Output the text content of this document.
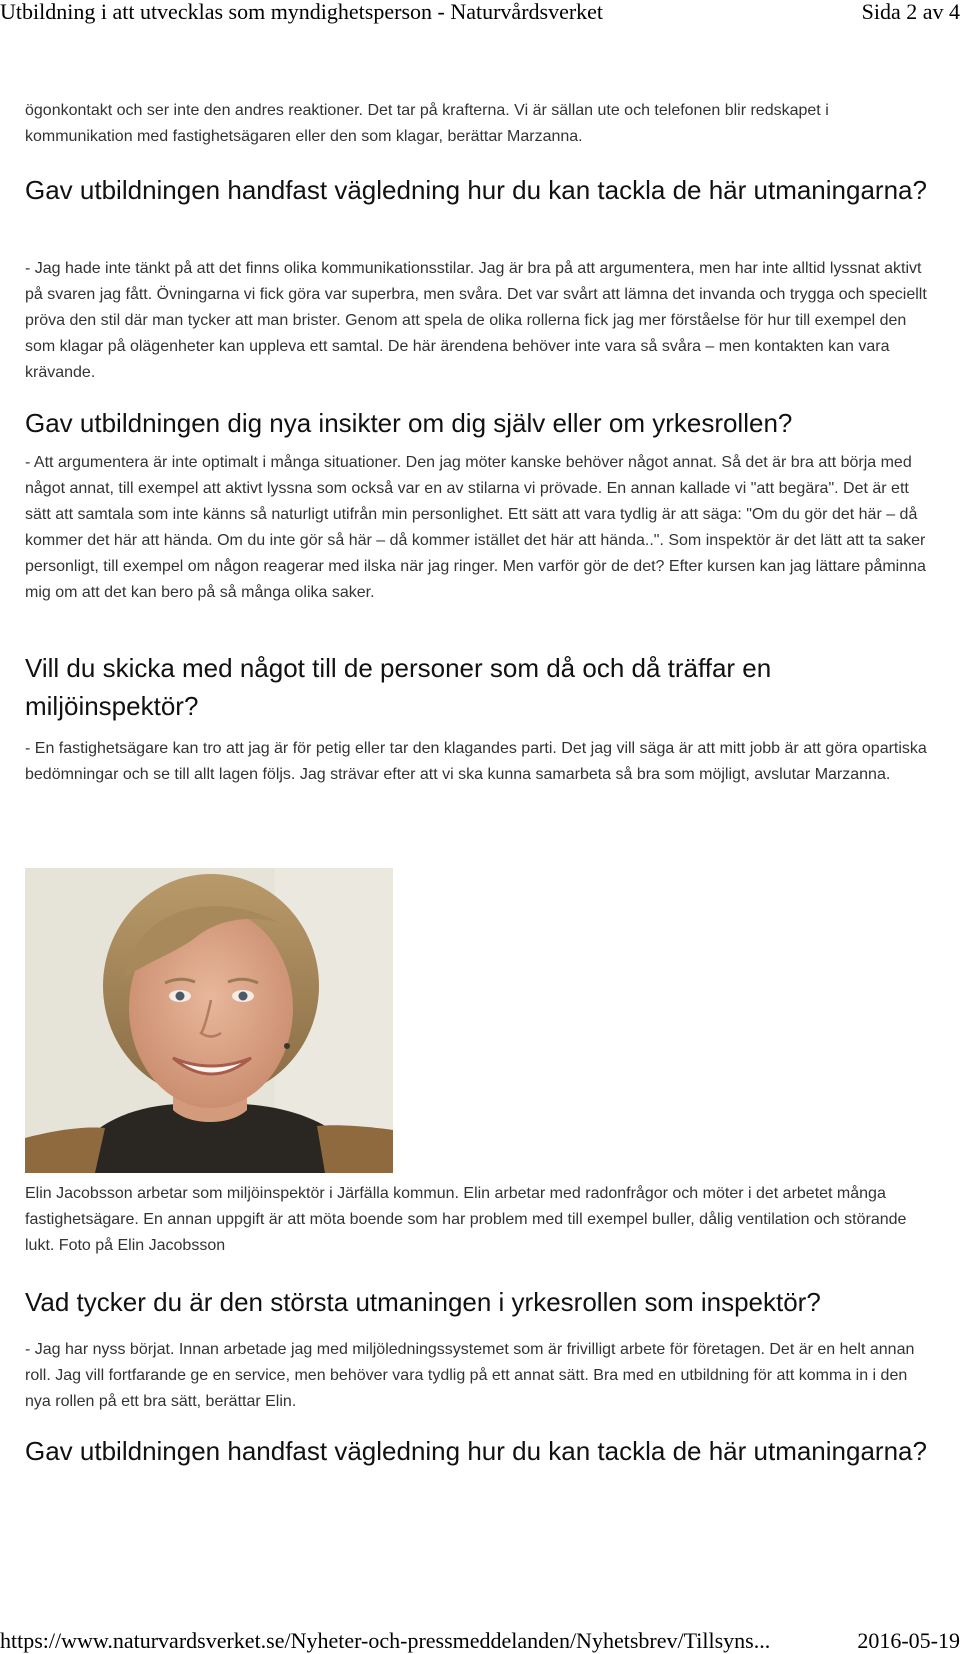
Utbildning i att utvecklas som myndighetsperson - Naturvårdsverket	Sida 2 av 4

ögonkontakt och ser inte den andres reaktioner. Det tar på krafterna. Vi är sällan ute och telefonen blir redskapet i kommunikation med fastighetsägaren eller den som klagar, berättar Marzanna.

Gav utbildningen handfast vägledning hur du kan tackla de här utmaningarna?

- Jag hade inte tänkt på att det finns olika kommunikationsstilar. Jag är bra på att argumentera, men har inte alltid lyssnat aktivt på svaren jag fått. Övningarna vi fick göra var superbra, men svåra. Det var svårt att lämna det invanda och trygga och speciellt pröva den stil där man tycker att man brister. Genom att spela de olika rollerna fick jag mer förståelse för hur till exempel den som klagar på olägenheter kan uppleva ett samtal. De här ärendena behöver inte vara så svåra – men kontakten kan vara krävande.

Gav utbildningen dig nya insikter om dig själv eller om yrkesrollen?

- Att argumentera är inte optimalt i många situationer. Den jag möter kanske behöver något annat. Så det är bra att börja med något annat, till exempel att aktivt lyssna som också var en av stilarna vi prövade. En annan kallade vi "att begära". Det är ett sätt att samtala som inte känns så naturligt utifrån min personlighet. Ett sätt att vara tydlig är att säga: "Om du gör det här – då kommer det här att hända. Om du inte gör så här – då kommer istället det här att hända..". Som inspektör är det lätt att ta saker personligt, till exempel om någon reagerar med ilska när jag ringer. Men varför gör de det? Efter kursen kan jag lättare påminna mig om att det kan bero på så många olika saker.

Vill du skicka med något till de personer som då och då träffar en miljöinspektör?

- En fastighetsägare kan tro att jag är för petig eller tar den klagandes parti. Det jag vill säga är att mitt jobb är att göra opartiska bedömningar och se till allt lagen följs. Jag strävar efter att vi ska kunna samarbeta så bra som möjligt, avslutar Marzanna.

Elin Jacobsson arbetar som miljöinspektör i Järfälla kommun. Elin arbetar med radonfrågor och möter i det arbetet många fastighetsägare. En annan uppgift är att möta boende som har problem med till exempel buller, dålig ventilation och störande lukt. Foto på Elin Jacobsson

Vad tycker du är den största utmaningen i yrkesrollen som inspektör?

- Jag har nyss börjat. Innan arbetade jag med miljöledningssystemet som är frivilligt arbete för företagen. Det är en helt annan roll. Jag vill fortfarande ge en service, men behöver vara tydlig på ett annat sätt. Bra med en utbildning för att komma in i den nya rollen på ett bra sätt, berättar Elin.

Gav utbildningen handfast vägledning hur du kan tackla de här utmaningarna?
https://www.naturvardsverket.se/Nyheter-och-pressmeddelanden/Nyhetsbrev/Tillsyns...	2016-05-19
